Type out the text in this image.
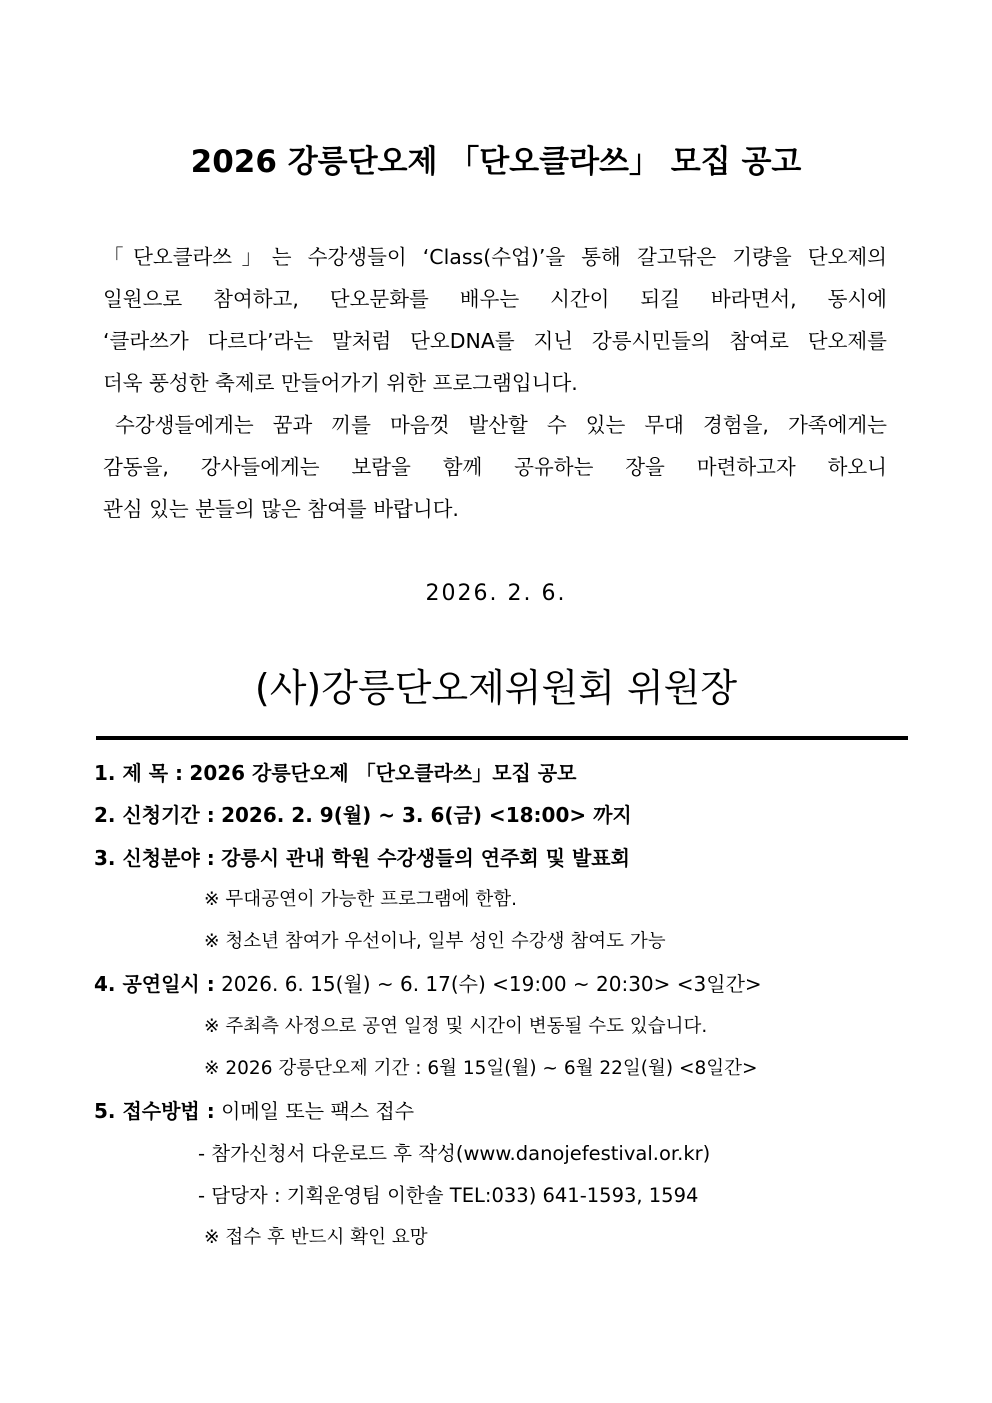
2026 강릉단오제 「단오클라쓰」 모집 공고
「단오클라쓰」는 수강생들이 ‘Class(수업)’을 통해 갈고닦은 기량을 단오제의
일원으로 참여하고, 단오문화를 배우는 시간이 되길 바라면서, 동시에
‘클라쓰가 다르다’라는 말처럼 단오DNA를 지닌 강릉시민들의 참여로 단오제를
더욱 풍성한 축제로 만들어가기 위한 프로그램입니다.
수강생들에게는 꿈과 끼를 마음껏 발산할 수 있는 무대 경험을, 가족에게는
감동을, 강사들에게는 보람을 함께 공유하는 장을 마련하고자 하오니
관심 있는 분들의 많은 참여를 바랍니다.
2026. 2. 6.
(사)강릉단오제위원회 위원장
1. 제 목 : 2026 강릉단오제 「단오클라쓰」모집 공모
2. 신청기간 : 2026. 2. 9(월) ~ 3. 6(금) <18:00> 까지
3. 신청분야 : 강릉시 관내 학원 수강생들의 연주회 및 발표회
※ 무대공연이 가능한 프로그램에 한함.
※ 청소년 참여가 우선이나, 일부 성인 수강생 참여도 가능
4. 공연일시 : 2026. 6. 15(월) ~ 6. 17(수) <19:00 ~ 20:30> <3일간>
※ 주최측 사정으로 공연 일정 및 시간이 변동될 수도 있습니다.
※ 2026 강릉단오제 기간 : 6월 15일(월) ~ 6월 22일(월) <8일간>
5. 접수방법 : 이메일 또는 팩스 접수
- 참가신청서 다운로드 후 작성(www.danojefestival.or.kr)
- 담당자 : 기획운영팀 이한솔 TEL:033) 641-1593, 1594
※ 접수 후 반드시 확인 요망
